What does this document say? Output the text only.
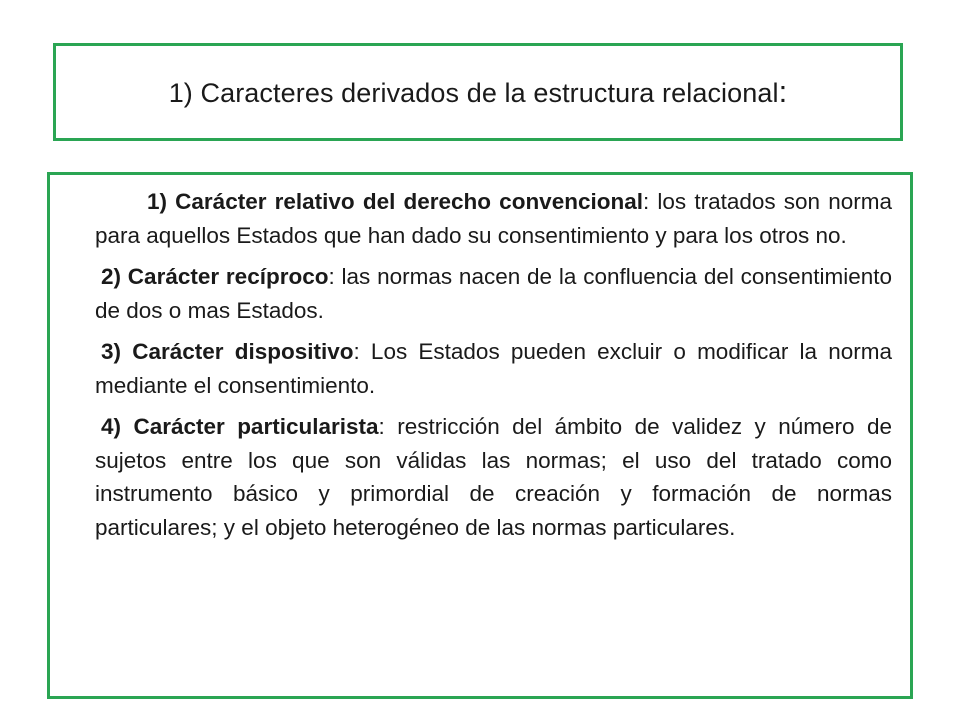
1) Caracteres derivados de la estructura relacional:

1) Carácter relativo del derecho convencional: los tratados son norma para aquellos Estados que han dado su consentimiento y para los otros no.

2) Carácter recíproco: las normas nacen de la confluencia del consentimiento de dos o mas Estados.

3) Carácter dispositivo: Los Estados pueden excluir o modificar la norma mediante el consentimiento.

4) Carácter particularista: restricción del ámbito de validez y número de sujetos entre los que son válidas las normas; el uso del tratado como instrumento básico y primordial de creación y formación de normas particulares; y el objeto heterogéneo de las normas particulares.
